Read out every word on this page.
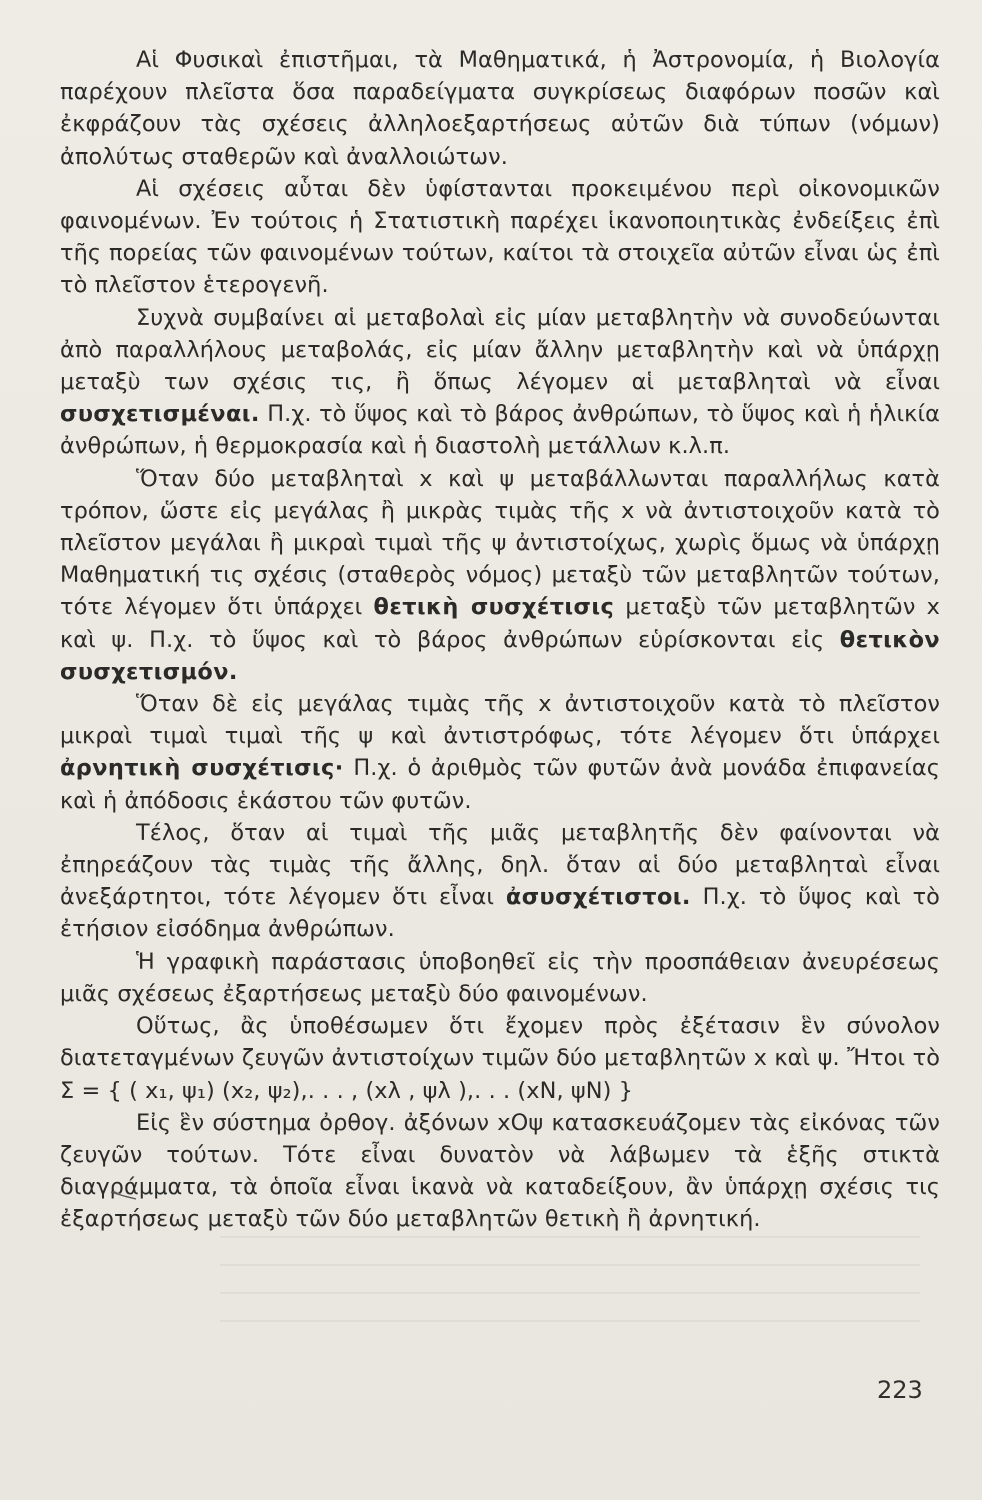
Αἱ Φυσικαὶ ἐπιστῆμαι, τὰ Μαθηματικά, ἡ Ἀστρονομία, ἡ Βιολογία παρέχουν πλεῖστα ὅσα παραδείγματα συγκρίσεως διαφόρων ποσῶν καὶ ἐκφράζουν τὰς σχέσεις ἀλληλοεξαρτήσεως αὐτῶν διὰ τύπων (νόμων) ἀπολύτως σταθερῶν καὶ ἀναλλοιώτων.

Αἱ σχέσεις αὗται δὲν ὑφίστανται προκειμένου περὶ οἰκονομικῶν φαινομένων. Ἐν τούτοις ἡ Στατιστικὴ παρέχει ἱκανοποιητικὰς ἐνδείξεις ἐπὶ τῆς πορείας τῶν φαινομένων τούτων, καίτοι τὰ στοιχεῖα αὐτῶν εἶναι ὡς ἐπὶ τὸ πλεῖστον ἑτερογενῆ.

Συχνὰ συμβαίνει αἱ μεταβολαὶ εἰς μίαν μεταβλητὴν νὰ συνοδεύωνται ἀπὸ παραλλήλους μεταβολάς, εἰς μίαν ἄλλην μεταβλητὴν καὶ νὰ ὑπάρχῃ μεταξὺ των σχέσις τις, ἢ ὅπως λέγομεν αἱ μεταβληταὶ νὰ εἶναι συσχετισμέναι. Π.χ. τὸ ὕψος καὶ τὸ βάρος ἀνθρώπων, τὸ ὕψος καὶ ἡ ἡλικία ἀνθρώπων, ἡ θερμοκρασία καὶ ἡ διαστολὴ μετάλλων κ.λ.π.

Ὅταν δύο μεταβληταὶ x καὶ ψ μεταβάλλωνται παραλλήλως κατὰ τρόπον, ὥστε εἰς μεγάλας ἢ μικρὰς τιμὰς τῆς x νὰ ἀντιστοιχοῦν κατὰ τὸ πλεῖστον μεγάλαι ἢ μικραὶ τιμαὶ τῆς ψ ἀντιστοίχως, χωρὶς ὅμως νὰ ὑπάρχῃ Μαθηματική τις σχέσις (σταθερὸς νόμος) μεταξὺ τῶν μεταβλητῶν τούτων, τότε λέγομεν ὅτι ὑπάρχει θετικὴ συσχέτισις μεταξὺ τῶν μεταβλητῶν x καὶ ψ. Π.χ. τὸ ὕψος καὶ τὸ βάρος ἀνθρώπων εὑρίσκονται εἰς θετικὸν συσχετισμόν.

Ὅταν δὲ εἰς μεγάλας τιμὰς τῆς x ἀντιστοιχοῦν κατὰ τὸ πλεῖστον μικραὶ τιμαὶ τιμαὶ τῆς ψ καὶ ἀντιστρόφως, τότε λέγομεν ὅτι ὑπάρχει ἀρνητικὴ συσχέτισις· Π.χ. ὁ ἀριθμὸς τῶν φυτῶν ἀνὰ μονάδα ἐπιφανείας καὶ ἡ ἀπόδοσις ἑκάστου τῶν φυτῶν.

Τέλος, ὅταν αἱ τιμαὶ τῆς μιᾶς μεταβλητῆς δὲν φαίνονται νὰ ἐπηρεάζουν τὰς τιμὰς τῆς ἄλλης, δηλ. ὅταν αἱ δύο μεταβληταὶ εἶναι ἀνεξάρτητοι, τότε λέγομεν ὅτι εἶναι ἀσυσχέτιστοι. Π.χ. τὸ ὕψος καὶ τὸ ἐτήσιον εἰσόδημα ἀνθρώπων.

Ἡ γραφικὴ παράστασις ὑποβοηθεῖ εἰς τὴν προσπάθειαν ἀνευρέσεως μιᾶς σχέσεως ἐξαρτήσεως μεταξὺ δύο φαινομένων.

Οὕτως, ἂς ὑποθέσωμεν ὅτι ἔχομεν πρὸς ἐξέτασιν ἓν σύνολον διατεταγμένων ζευγῶν ἀντιστοίχων τιμῶν δύο μεταβλητῶν x καὶ ψ. Ἤτοι τὸ Σ = { ( x₁, ψ₁) (x₂, ψ₂),. . . , (xλ , ψλ ),. . . (xN, ψN) }

Εἰς ἓν σύστημα ὀρθογ. ἀξόνων xOψ κατασκευάζομεν τὰς εἰκόνας τῶν ζευγῶν τούτων. Τότε εἶναι δυνατὸν νὰ λάβωμεν τὰ ἑξῆς στικτὰ διαγράμματα, τὰ ὁποῖα εἶναι ἱκανὰ νὰ καταδείξουν, ἂν ὑπάρχῃ σχέσις τις ἐξαρτήσεως μεταξὺ τῶν δύο μεταβλητῶν θετικὴ ἢ ἀρνητική.

223
